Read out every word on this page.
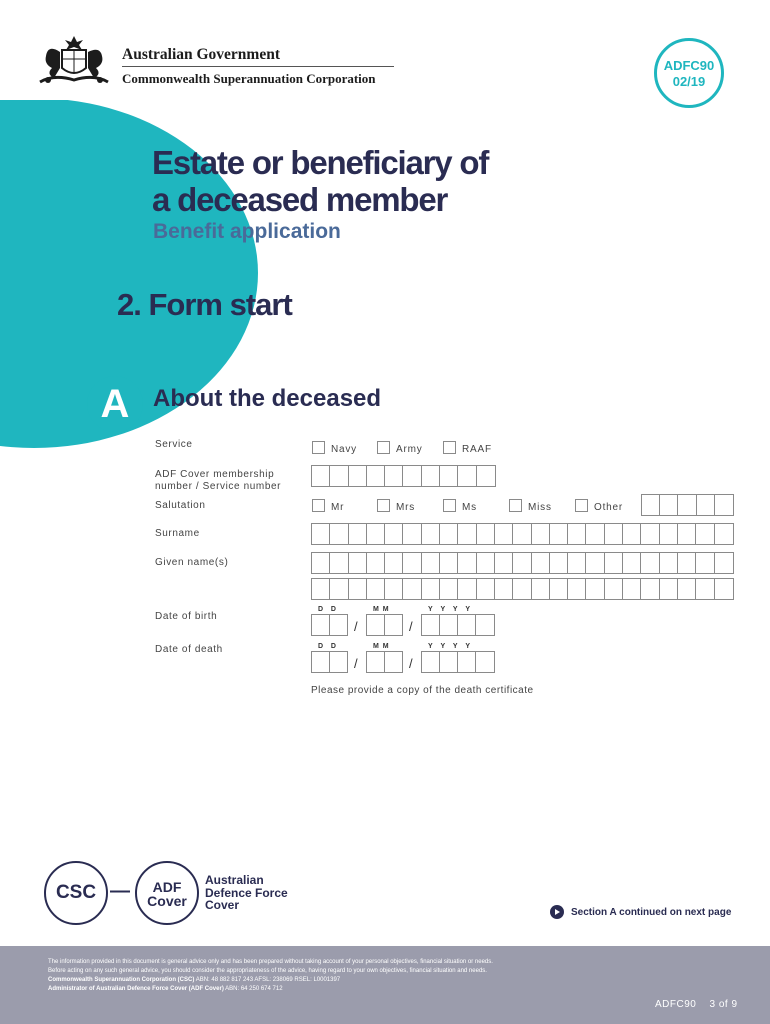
Australian Government
Commonwealth Superannuation Corporation
ADFC90
02/19
Estate or beneficiary of
a deceased member
Benefit application
2. Form start
A About the deceased
Service	Navy	Army	RAAF
ADF Cover membership
number / Service number
Salutation	Mr	Mrs	Ms	Miss	Other
Surname
Given name(s)
Date of birth
D D	M M	Y Y Y Y
/	/
Date of death	D D	M M	Y Y Y Y
/	/
Please provide a copy of the death certificate
CSC —	ADF
Cover
Australian
Defence Force
Cover
Section A continued on next page
The information provided in this document is general advice only and has been prepared without taking account of your personal objectives, financial situation or needs.
Before acting on any such general advice, you should consider the appropriateness of the advice, having regard to your own objectives, financial situation and needs.
Commonwealth Superannuation Corporation (CSC) ABN: 48 882 817 243 AFSL: 238069 RSEL: L0001397
Administrator of Australian Defence Force Cover (ADF Cover) ABN: 64 250 674 712
ADFC90 3 of 9
